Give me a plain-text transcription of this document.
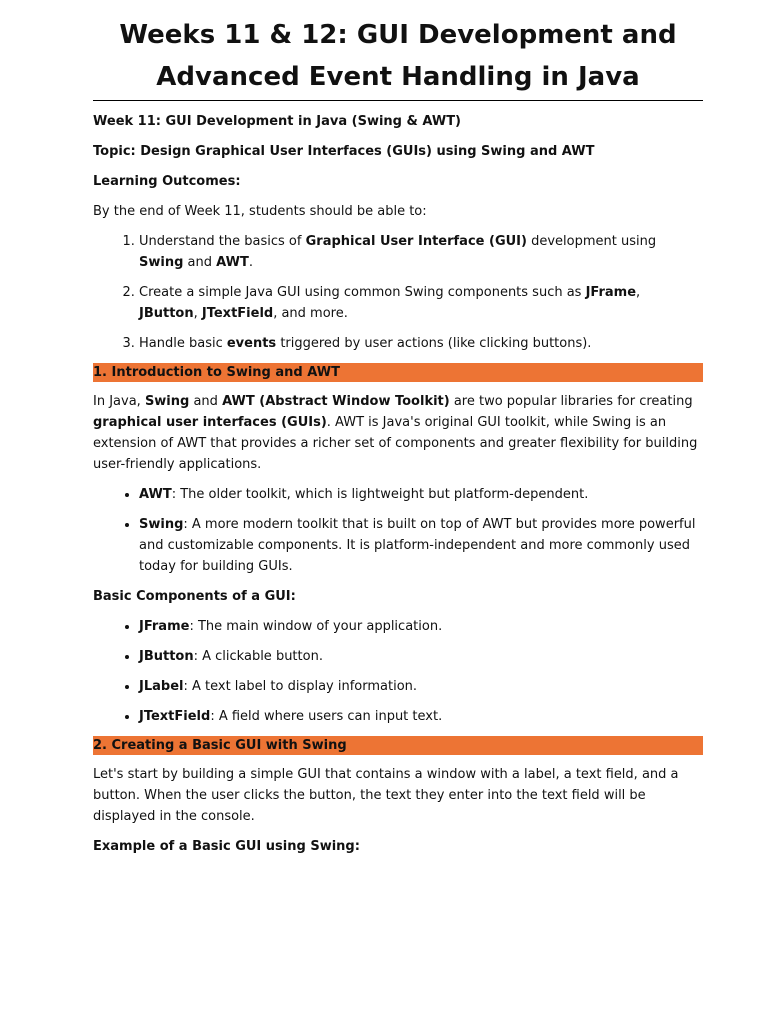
Weeks 11 & 12: GUI Development and
Advanced Event Handling in Java

Week 11: GUI Development in Java (Swing & AWT)

Topic: Design Graphical User Interfaces (GUIs) using Swing and AWT

Learning Outcomes:

By the end of Week 11, students should be able to:

1. Understand the basics of Graphical User Interface (GUI) development using Swing and AWT.
2. Create a simple Java GUI using common Swing components such as JFrame, JButton, JTextField, and more.
3. Handle basic events triggered by user actions (like clicking buttons).
1. Introduction to Swing and AWT

In Java, Swing and AWT (Abstract Window Toolkit) are two popular libraries for creating graphical user interfaces (GUIs). AWT is Java's original GUI toolkit, while Swing is an extension of AWT that provides a richer set of components and greater flexibility for building user-friendly applications.

• AWT: The older toolkit, which is lightweight but platform-dependent.
• Swing: A more modern toolkit that is built on top of AWT but provides more powerful and customizable components. It is platform-independent and more commonly used today for building GUIs.

Basic Components of a GUI:

• JFrame: The main window of your application.
• JButton: A clickable button.
• JLabel: A text label to display information.
• JTextField: A field where users can input text.
2. Creating a Basic GUI with Swing

Let's start by building a simple GUI that contains a window with a label, a text field, and a button. When the user clicks the button, the text they enter into the text field will be displayed in the console.

Example of a Basic GUI using Swing:
